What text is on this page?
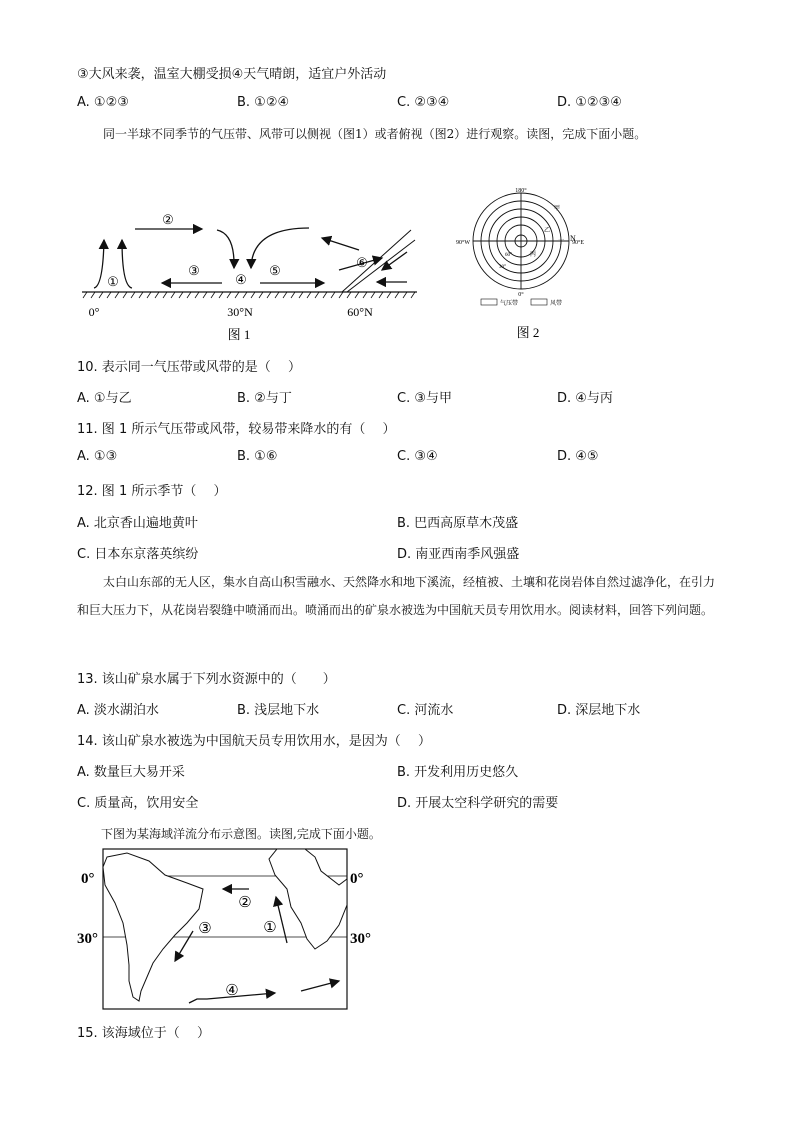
③大风来袭，温室大棚受损④天气晴朗，适宜户外活动
A. ①②③	B. ①②④	C. ②③④	D. ①②③④

同一半球不同季节的气压带、风带可以侧视（图1）或者俯视（图2）进行观察。读图，完成下面小题。

①
②
④
③	⑤
⑥
0°	30°N	60°N
图 1
180°
0°
90°W	90°E
N
甲
乙
丙
丁
60°
30°
气压带	风带
图 2
10. 表示同一气压带或风带的是（　 ）
A. ①与乙	B. ②与丁	C. ③与甲	D. ④与丙
11. 图 1 所示气压带或风带，较易带来降水的有（　 ）
A. ①③	B. ①⑥	C. ③④	D. ④⑤
12. 图 1 所示季节（　 ）
A. 北京香山遍地黄叶	B. 巴西高原草木茂盛
C. 日本东京落英缤纷	D. 南亚西南季风强盛

太白山东部的无人区，集水自高山积雪融水、天然降水和地下溪流，经植被、土壤和花岗岩体自然过滤净化，在引力和巨大压力下，从花岗岩裂缝中喷涌而出。喷涌而出的矿泉水被选为中国航天员专用饮用水。阅读材料，回答下列问题。

13. 该山矿泉水属于下列水资源中的（　　）
A. 淡水湖泊水	B. 浅层地下水	C. 河流水	D. 深层地下水
14. 该山矿泉水被选为中国航天员专用饮用水，是因为（　 ）
A. 数量巨大易开采	B. 开发利用历史悠久
C. 质量高，饮用安全	D. 开展太空科学研究的需要
下图为某海域洋流分布示意图。读图,完成下面小题。
②
①
③
④
0°
30°
0°
30°
15. 该海域位于（　 ）
